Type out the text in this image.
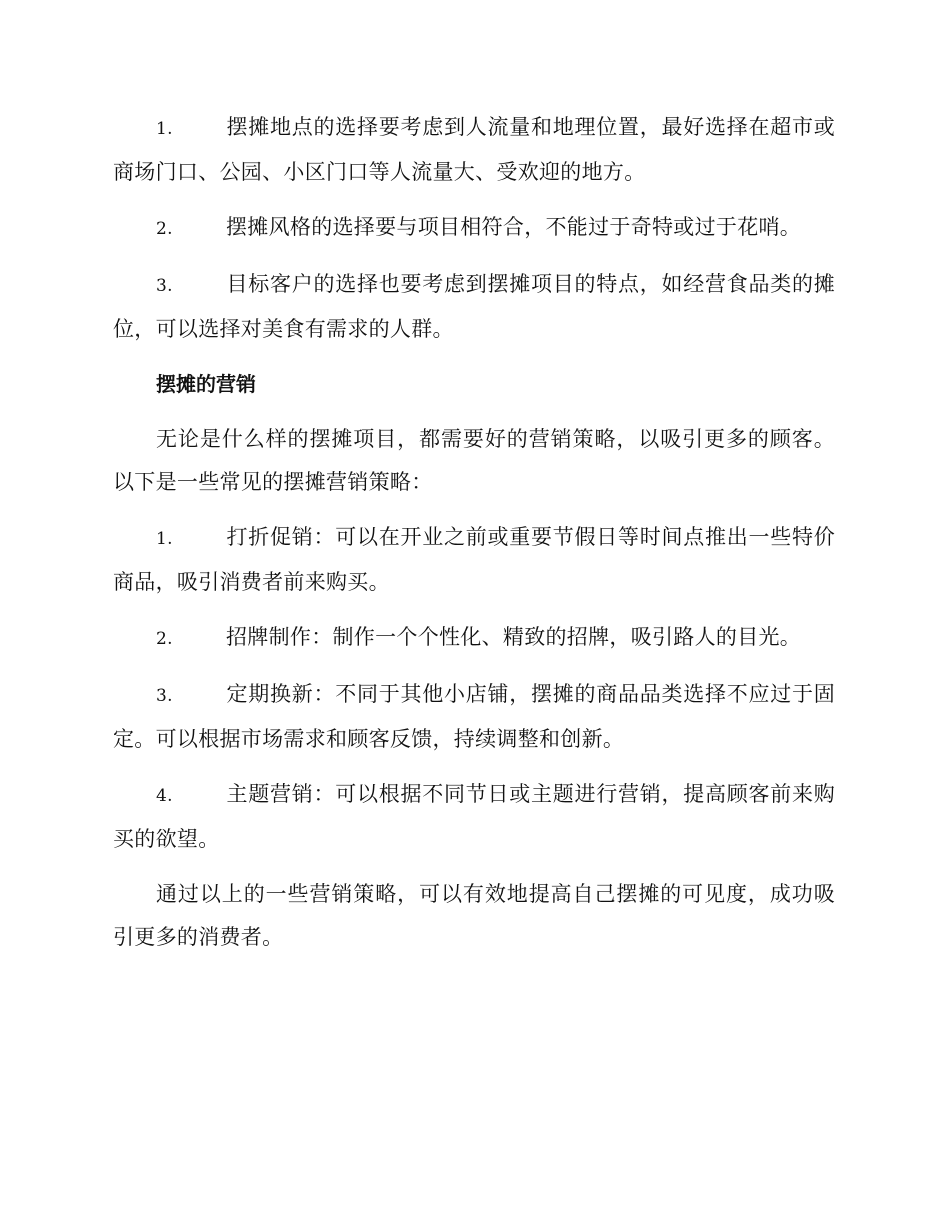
1.	摆摊地点的选择要考虑到人流量和地理位置，最好选择在超市或商场门口、公园、小区门口等人流量大、受欢迎的地方。

2.	摆摊风格的选择要与项目相符合，不能过于奇特或过于花哨。

3.	目标客户的选择也要考虑到摆摊项目的特点，如经营食品类的摊位，可以选择对美食有需求的人群。

摆摊的营销

无论是什么样的摆摊项目，都需要好的营销策略，以吸引更多的顾客。以下是一些常见的摆摊营销策略：

1.	打折促销：可以在开业之前或重要节假日等时间点推出一些特价商品，吸引消费者前来购买。

2.	招牌制作：制作一个个性化、精致的招牌，吸引路人的目光。

3.	定期换新：不同于其他小店铺，摆摊的商品品类选择不应过于固定。可以根据市场需求和顾客反馈，持续调整和创新。

4.	主题营销：可以根据不同节日或主题进行营销，提高顾客前来购买的欲望。

通过以上的一些营销策略，可以有效地提高自己摆摊的可见度，成功吸引更多的消费者。
